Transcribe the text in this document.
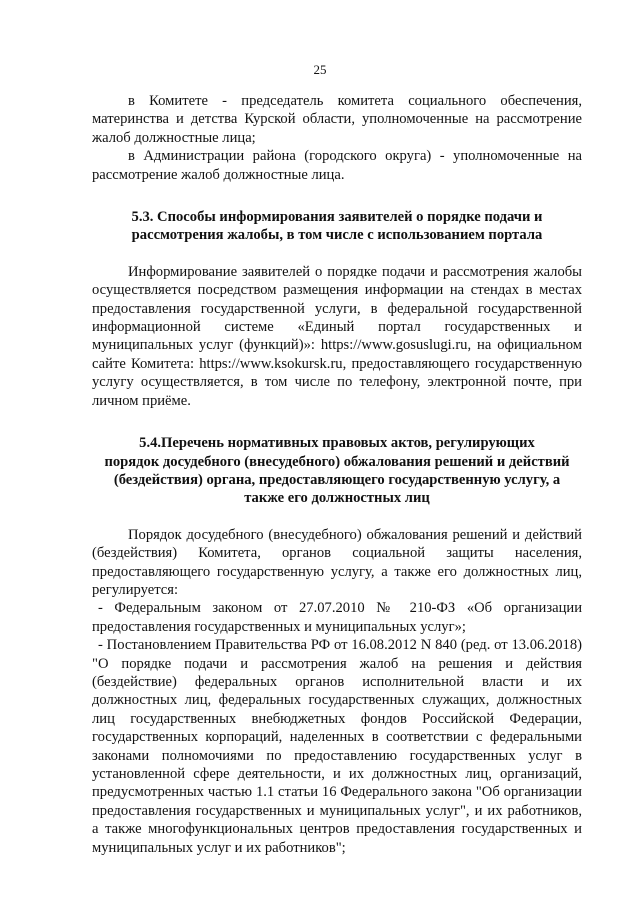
25

в Комитете - председатель комитета социального обеспечения, материнства и детства Курской области, уполномоченные на рассмотрение жалоб должностные лица;

в Администрации района (городского округа) - уполномоченные на рассмотрение жалоб должностные лица.

5.3. Способы информирования заявителей о порядке подачи и

рассмотрения жалобы, в том числе с использованием портала

Информирование заявителей о порядке подачи и рассмотрения жалобы осуществляется посредством размещения информации на стендах в местах предоставления государственной услуги, в федеральной государственной информационной системе «Единый портал государственных и муниципальных услуг (функций)»: https://www.gosuslugi.ru, на официальном сайте Комитета: https://www.ksokursk.ru, предоставляющего государственную услугу осуществляется, в том числе по телефону, электронной почте, при личном приёме.

5.4.Перечень нормативных правовых актов, регулирующих

порядок досудебного (внесудебного) обжалования решений и действий

(бездействия) органа, предоставляющего государственную услугу, а

также его должностных лиц

Порядок досудебного (внесудебного) обжалования решений и действий (бездействия) Комитета, органов социальной защиты населения, предоставляющего государственную услугу, а также его должностных лиц, регулируется:

- Федеральным законом от 27.07.2010 № 210-ФЗ «Об организации предоставления государственных и муниципальных услуг»;

- Постановлением Правительства РФ от 16.08.2012 N 840 (ред. от 13.06.2018) "О порядке подачи и рассмотрения жалоб на решения и действия (бездействие) федеральных органов исполнительной власти и их должностных лиц, федеральных государственных служащих, должностных лиц государственных внебюджетных фондов Российской Федерации, государственных корпораций, наделенных в соответствии с федеральными законами полномочиями по предоставлению государственных услуг в установленной сфере деятельности, и их должностных лиц, организаций, предусмотренных частью 1.1 статьи 16 Федерального закона "Об организации предоставления государственных и муниципальных услуг", и их работников, а также многофункциональных центров предоставления государственных и муниципальных услуг и их работников";
